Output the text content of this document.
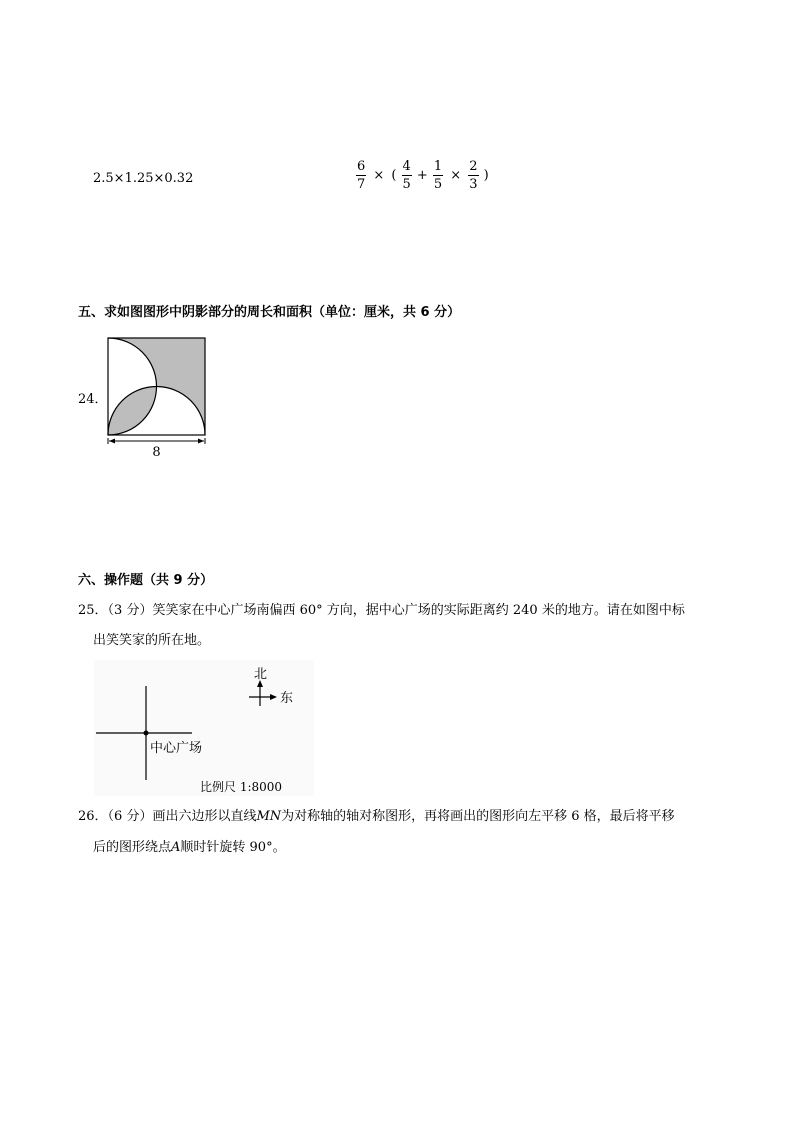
2.5×1.25×0.32	$\frac{6}{7}$ × ( $\frac{4}{5} + \frac{1}{5} \times \frac{2}{3}$ )
五、求如图图形中阴影部分的周长和面积（单位：厘米，共 6 分）
24．
8
六、操作题（共 9 分）
25．（3 分）笑笑家在中心广场南偏西 60° 方向，据中心广场的实际距离约 240 米的地方。请在如图中标
出笑笑家的所在地。
中心广场
北
东
比例尺 1:8000
26．（6 分）画出六边形以直线MN为对称轴的轴对称图形，再将画出的图形向左平移 6 格，最后将平移
后的图形绕点A顺时针旋转 90°。
